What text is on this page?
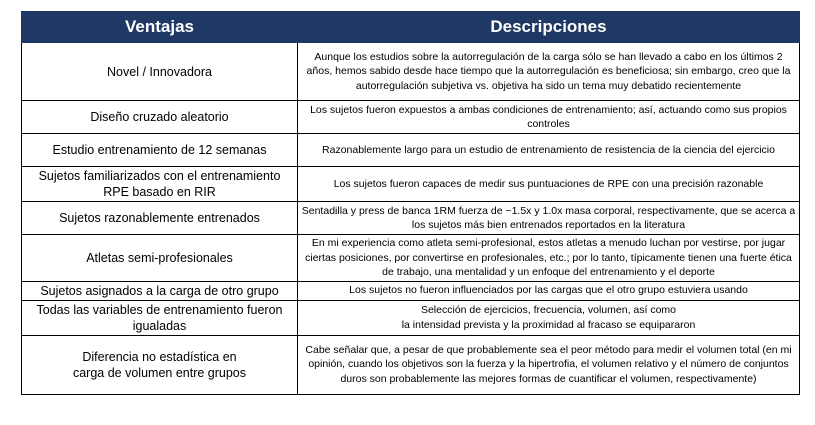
Ventajas	Descripciones
Novel / Innovadora	Aunque los estudios sobre la autorregulación de la carga sólo se han llevado a cabo en los últimos 2 años, hemos sabido desde hace tiempo que la autorregulación es beneficiosa; sin embargo, creo que la autorregulación subjetiva vs. objetiva ha sido un tema muy debatido recientemente
Diseño cruzado aleatorio	Los sujetos fueron expuestos a ambas condiciones de entrenamiento; así, actuando como sus propios controles
Estudio entrenamiento de 12 semanas	Razonablemente largo para un estudio de entrenamiento de resistencia de la ciencia del ejercicio
Sujetos familiarizados con el entrenamiento RPE basado en RIR	Los sujetos fueron capaces de medir sus puntuaciones de RPE con una precisión razonable
Sujetos razonablemente entrenados	Sentadilla y press de banca 1RM fuerza de ~1.5x y 1.0x masa corporal, respectivamente, que se acerca a los sujetos más bien entrenados reportados en la literatura
Atletas semi-profesionales	En mi experiencia como atleta semi-profesional, estos atletas a menudo luchan por vestirse, por jugar ciertas posiciones, por convertirse en profesionales, etc.; por lo tanto, típicamente tienen una fuerte ética de trabajo, una mentalidad y un enfoque del entrenamiento y el deporte
Sujetos asignados a la carga de otro grupo	Los sujetos no fueron influenciados por las cargas que el otro grupo estuviera usando
Todas las variables de entrenamiento fueron igualadas	Selección de ejercicios, frecuencia, volumen, así como
la intensidad prevista y la proximidad al fracaso se equipararon
Diferencia no estadística en
carga de volumen entre grupos	Cabe señalar que, a pesar de que probablemente sea el peor método para medir el volumen total (en mi opinión, cuando los objetivos son la fuerza y la hipertrofia, el volumen relativo y el número de conjuntos duros son probablemente las mejores formas de cuantificar el volumen, respectivamente)
